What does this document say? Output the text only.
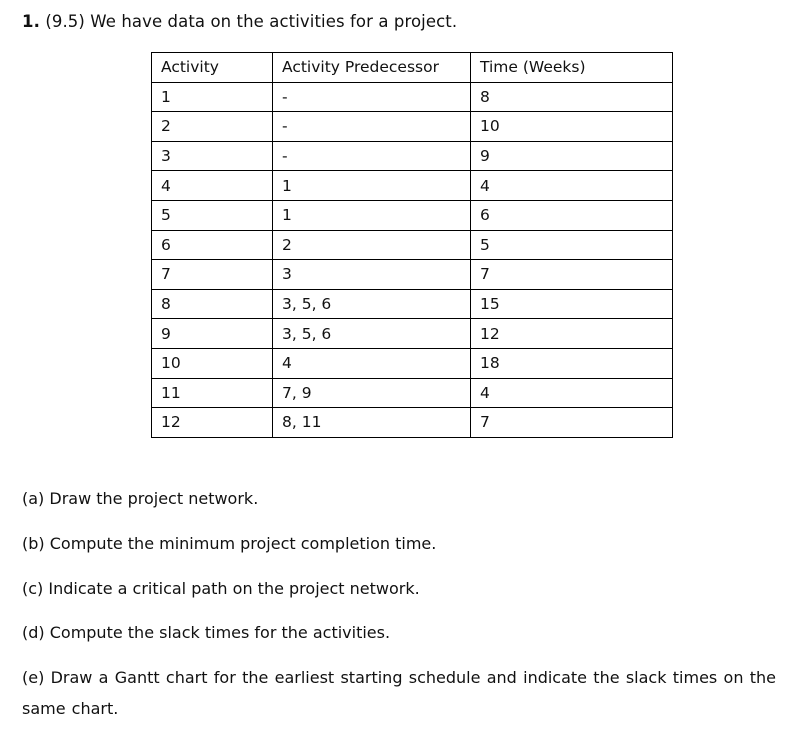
1. (9.5) We have data on the activities for a project.
Activity	Activity Predecessor	Time (Weeks)
1	-	8
2	-	10
3	-	9
4	1	4
5	1	6
6	2	5
7	3	7
8	3, 5, 6	15
9	3, 5, 6	12
10	4	18
11	7, 9	4
12	8, 11	7
(a) Draw the project network.
(b) Compute the minimum project completion time.
(c) Indicate a critical path on the project network.
(d) Compute the slack times for the activities.
(e) Draw a Gantt chart for the earliest starting schedule and indicate the slack times on the same chart.
